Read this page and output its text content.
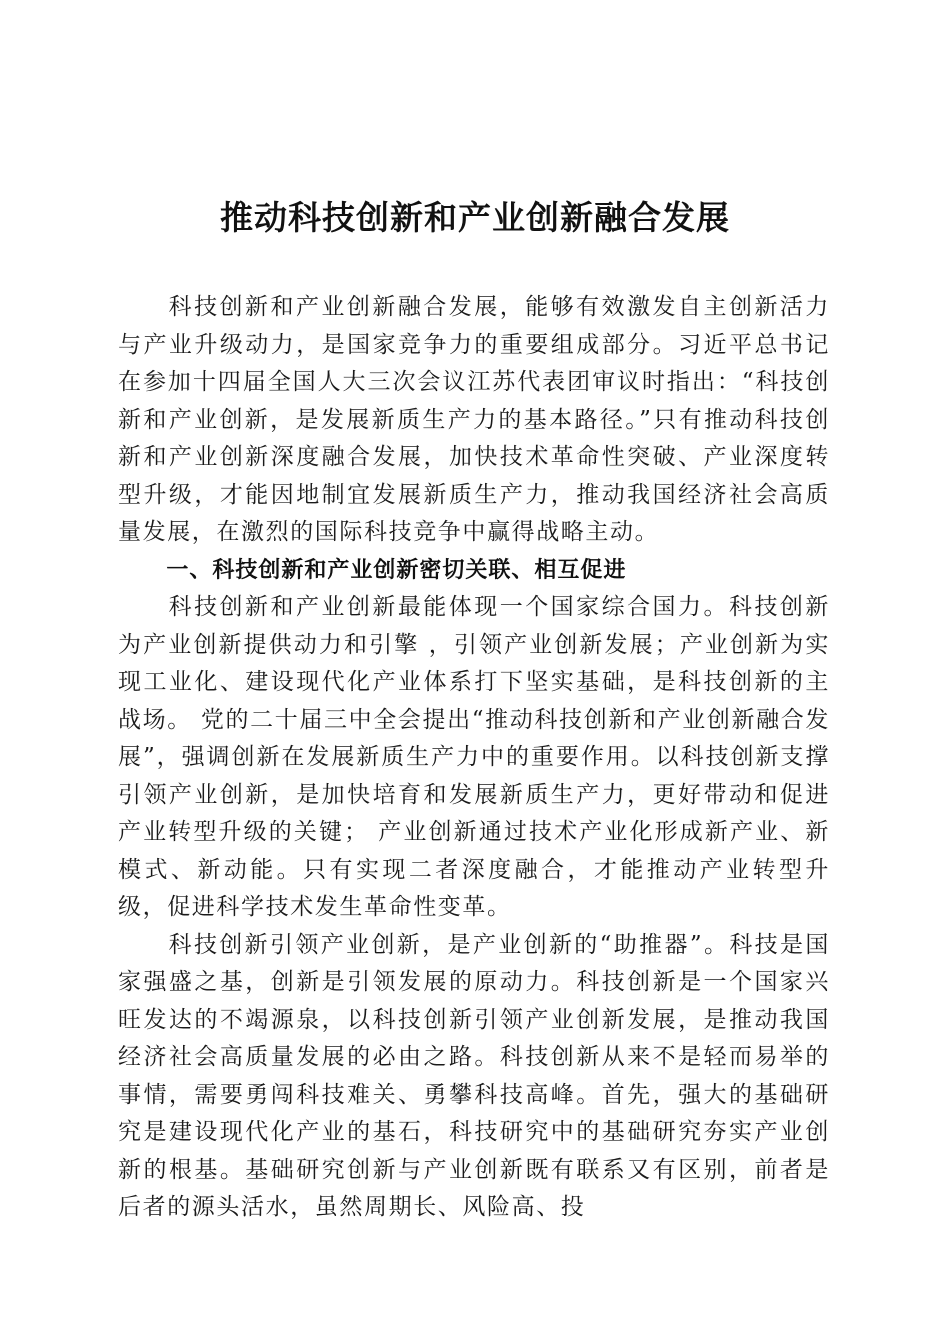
推动科技创新和产业创新融合发展

科技创新和产业创新融合发展，能够有效激发自主创新活力与产业升级动力，是国家竞争力的重要组成部分。习近平总书记在参加十四届全国人大三次会议江苏代表团审议时指出：“科技创新和产业创新，是发展新质生产力的基本路径。”只有推动科技创新和产业创新深度融合发展，加快技术革命性突破、产业深度转型升级，才能因地制宜发展新质生产力，推动我国经济社会高质量发展，在激烈的国际科技竞争中赢得战略主动。

一、科技创新和产业创新密切关联、相互促进

科技创新和产业创新最能体现一个国家综合国力。科技创新为产业创新提供动力和引擎 ，引领产业创新发展；产业创新为实现工业化、建设现代化产业体系打下坚实基础，是科技创新的主战场。 党的二十届三中全会提出“推动科技创新和产业创新融合发展”，强调创新在发展新质生产力中的重要作用。以科技创新支撑引领产业创新，是加快培育和发展新质生产力，更好带动和促进产业转型升级的关键； 产业创新通过技术产业化形成新产业、新模式、新动能。只有实现二者深度融合，才能推动产业转型升级，促进科学技术发生革命性变革。

科技创新引领产业创新，是产业创新的“助推器”。科技是国家强盛之基，创新是引领发展的原动力。科技创新是一个国家兴旺发达的不竭源泉，以科技创新引领产业创新发展，是推动我国经济社会高质量发展的必由之路。科技创新从来不是轻而易举的事情，需要勇闯科技难关、勇攀科技高峰。首先，强大的基础研究是建设现代化产业的基石，科技研究中的基础研究夯实产业创新的根基。基础研究创新与产业创新既有联系又有区别，前者是后者的源头活水，虽然周期长、风险高、投
